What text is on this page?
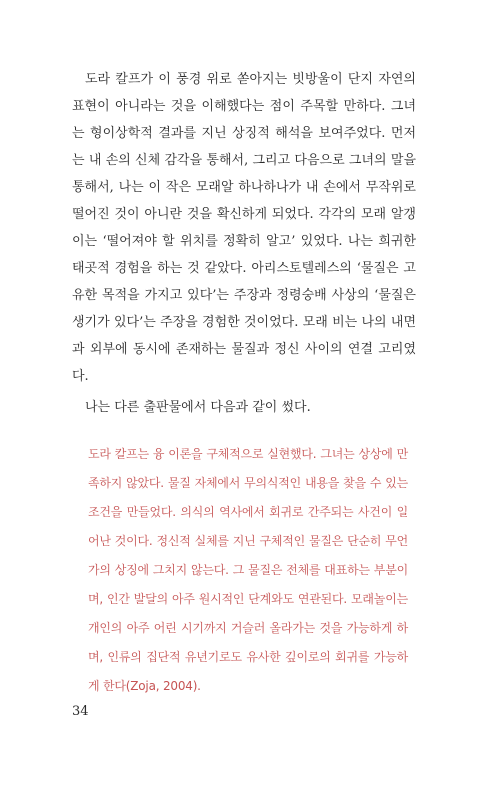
도라 칼프가 이 풍경 위로 쏟아지는 빗방울이 단지 자연의 표현이 아니라는 것을 이해했다는 점이 주목할 만하다. 그녀는 형이상학적 결과를 지닌 상징적 해석을 보여주었다. 먼저는 내 손의 신체 감각을 통해서, 그리고 다음으로 그녀의 말을 통해서, 나는 이 작은 모래알 하나하나가 내 손에서 무작위로 떨어진 것이 아니란 것을 확신하게 되었다. 각각의 모래 알갱이는 ‘떨어져야 할 위치를 정확히 알고’ 있었다. 나는 희귀한 태곳적 경험을 하는 것 같았다. 아리스토텔레스의 ‘물질은 고유한 목적을 가지고 있다’는 주장과 정령숭배 사상의 ‘물질은 생기가 있다’는 주장을 경험한 것이었다. 모래 비는 나의 내면과 외부에 동시에 존재하는 물질과 정신 사이의 연결 고리였다.

나는 다른 출판물에서 다음과 같이 썼다.

도라 칼프는 융 이론을 구체적으로 실현했다. 그녀는 상상에 만족하지 않았다. 물질 자체에서 무의식적인 내용을 찾을 수 있는 조건을 만들었다. 의식의 역사에서 회귀로 간주되는 사건이 일어난 것이다. 정신적 실체를 지닌 구체적인 물질은 단순히 무언가의 상징에 그치지 않는다. 그 물질은 전체를 대표하는 부분이며, 인간 발달의 아주 원시적인 단계와도 연관된다. 모래놀이는 개인의 아주 어린 시기까지 거슬러 올라가는 것을 가능하게 하며, 인류의 집단적 유년기로도 유사한 깊이로의 회귀를 가능하게 한다(Zoja, 2004).
34
